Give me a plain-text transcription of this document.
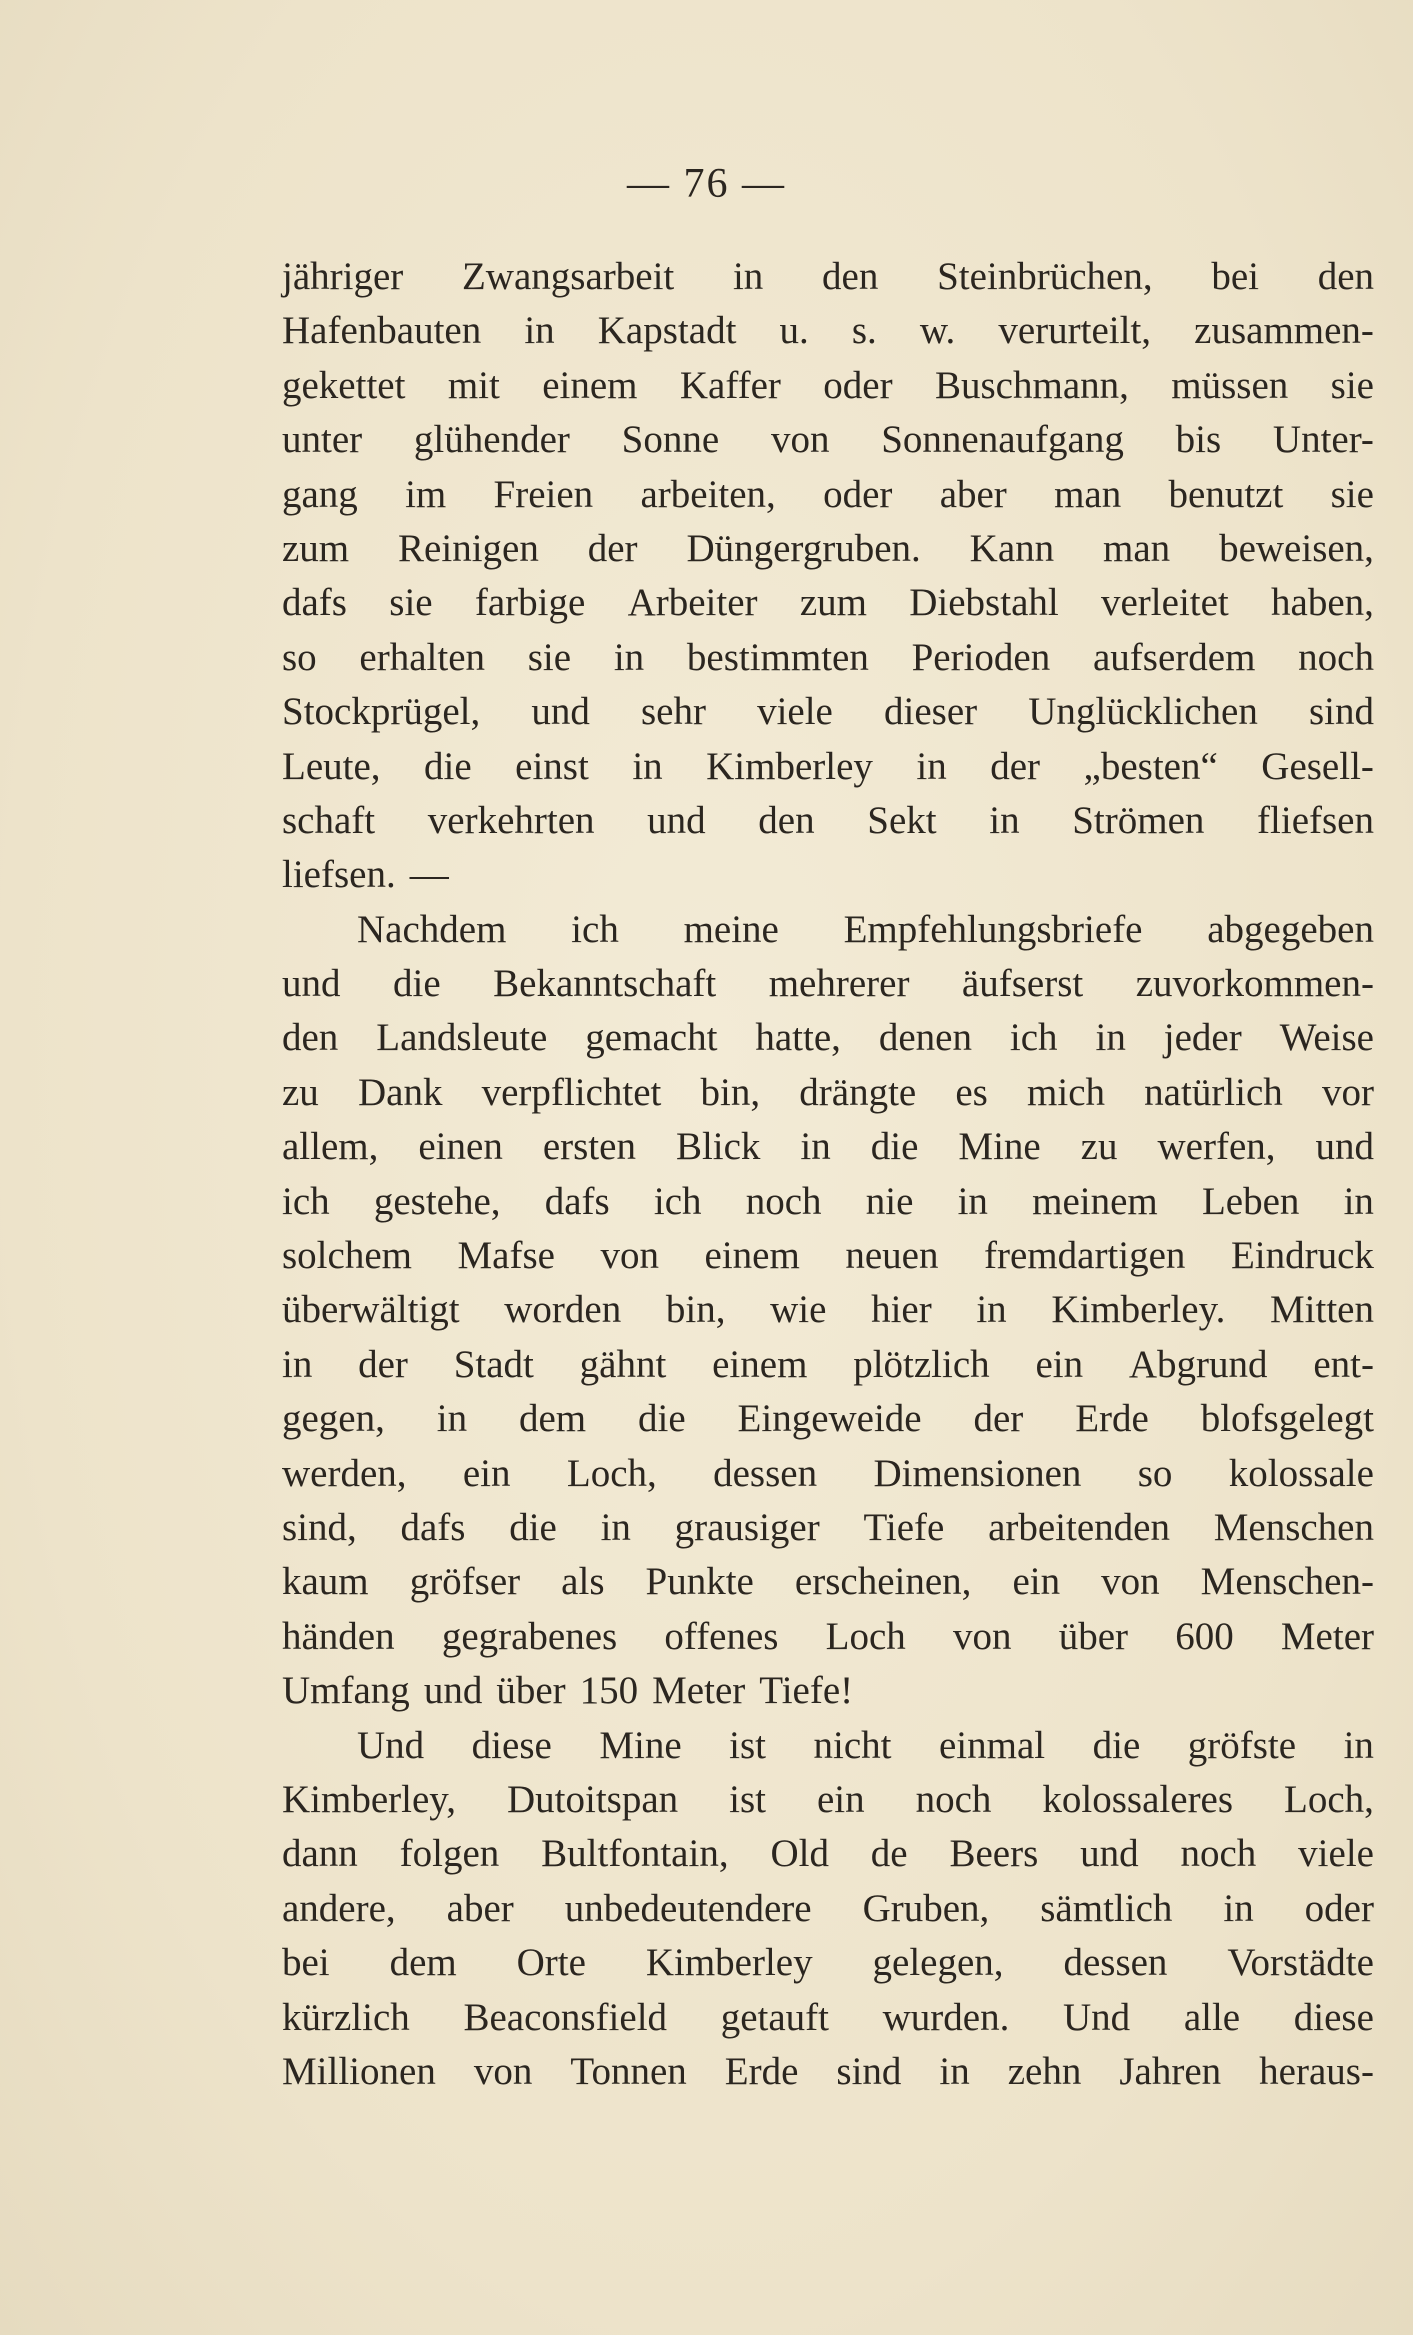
— 76 —
jähriger Zwangsarbeit in den Steinbrüchen, bei den
Hafenbauten in Kapstadt u. s. w. verurteilt, zusammen-
gekettet mit einem Kaffer oder Buschmann, müssen sie
unter glühender Sonne von Sonnenaufgang bis Unter-
gang im Freien arbeiten, oder aber man benutzt sie
zum Reinigen der Düngergruben. Kann man beweisen,
dafs sie farbige Arbeiter zum Diebstahl verleitet haben,
so erhalten sie in bestimmten Perioden aufserdem noch
Stockprügel, und sehr viele dieser Unglücklichen sind
Leute, die einst in Kimberley in der „besten“ Gesell-
schaft verkehrten und den Sekt in Strömen fliefsen
liefsen. —
Nachdem ich meine Empfehlungsbriefe abgegeben
und die Bekanntschaft mehrerer äufserst zuvorkommen-
den Landsleute gemacht hatte, denen ich in jeder Weise
zu Dank verpflichtet bin, drängte es mich natürlich vor
allem, einen ersten Blick in die Mine zu werfen, und
ich gestehe, dafs ich noch nie in meinem Leben in
solchem Mafse von einem neuen fremdartigen Eindruck
überwältigt worden bin, wie hier in Kimberley. Mitten
in der Stadt gähnt einem plötzlich ein Abgrund ent-
gegen, in dem die Eingeweide der Erde blofsgelegt
werden, ein Loch, dessen Dimensionen so kolossale
sind, dafs die in grausiger Tiefe arbeitenden Menschen
kaum gröfser als Punkte erscheinen, ein von Menschen-
händen gegrabenes offenes Loch von über 600 Meter
Umfang und über 150 Meter Tiefe!
Und diese Mine ist nicht einmal die gröfste in
Kimberley, Dutoitspan ist ein noch kolossaleres Loch,
dann folgen Bultfontain, Old de Beers und noch viele
andere, aber unbedeutendere Gruben, sämtlich in oder
bei dem Orte Kimberley gelegen, dessen Vorstädte
kürzlich Beaconsfield getauft wurden. Und alle diese
Millionen von Tonnen Erde sind in zehn Jahren heraus-
